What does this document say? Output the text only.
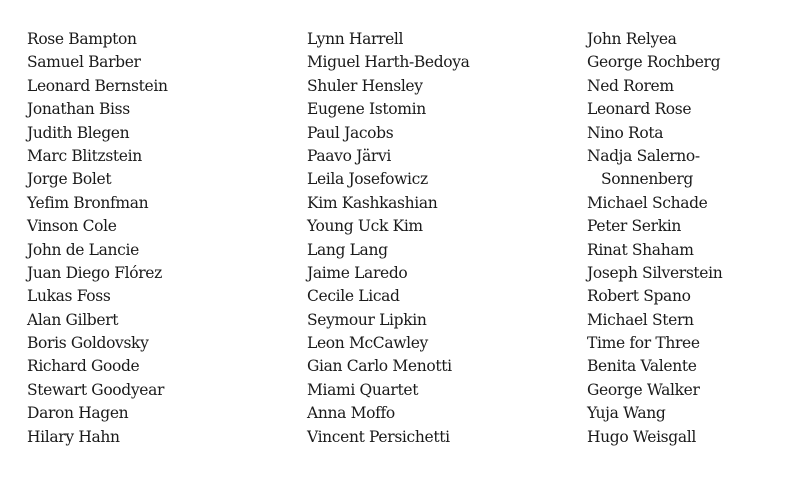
Rose Bampton
Samuel Barber
Leonard Bernstein
Jonathan Biss
Judith Blegen
Marc Blitzstein
Jorge Bolet
Yefim Bronfman
Vinson Cole
John de Lancie
Juan Diego Flórez
Lukas Foss
Alan Gilbert
Boris Goldovsky
Richard Goode
Stewart Goodyear
Daron Hagen
Hilary Hahn
Lynn Harrell
Miguel Harth-Bedoya
Shuler Hensley
Eugene Istomin
Paul Jacobs
Paavo Järvi
Leila Josefowicz
Kim Kashkashian
Young Uck Kim
Lang Lang
Jaime Laredo
Cecile Licad
Seymour Lipkin
Leon McCawley
Gian Carlo Menotti
Miami Quartet
Anna Moffo
Vincent Persichetti
John Relyea
George Rochberg
Ned Rorem
Leonard Rose
Nino Rota
Nadja Salerno-
Sonnenberg
Michael Schade
Peter Serkin
Rinat Shaham
Joseph Silverstein
Robert Spano
Michael Stern
Time for Three
Benita Valente
George Walker
Yuja Wang
Hugo Weisgall
